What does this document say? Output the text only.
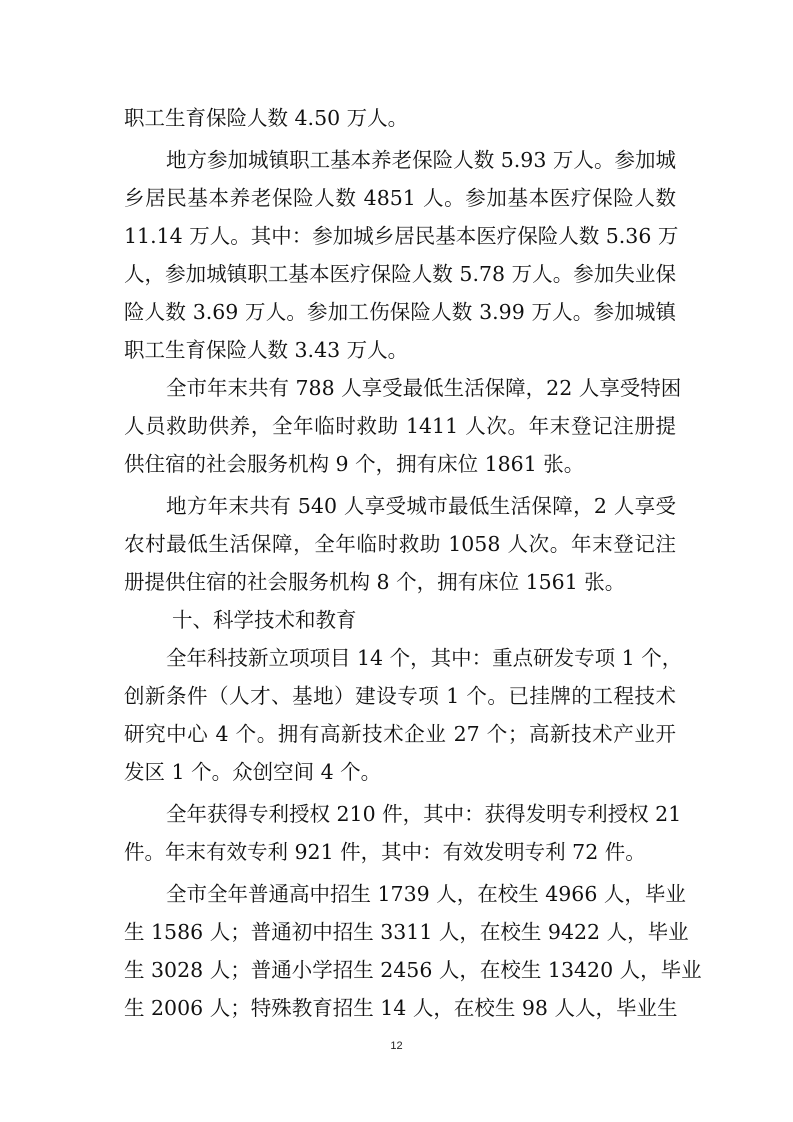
职工生育保险人数 4.50 万人。
地方参加城镇职工基本养老保险人数 5.93 万人。参加城
乡居民基本养老保险人数 4851 人。参加基本医疗保险人数
11.14 万人。其中：参加城乡居民基本医疗保险人数 5.36 万
人，参加城镇职工基本医疗保险人数 5.78 万人。参加失业保
险人数 3.69 万人。参加工伤保险人数 3.99 万人。参加城镇
职工生育保险人数 3.43 万人。
全市年末共有 788 人享受最低生活保障，22 人享受特困
人员救助供养，全年临时救助 1411 人次。年末登记注册提
供住宿的社会服务机构 9 个，拥有床位 1861 张。
地方年末共有 540 人享受城市最低生活保障，2 人享受
农村最低生活保障，全年临时救助 1058 人次。年末登记注
册提供住宿的社会服务机构 8 个，拥有床位 1561 张。
十、科学技术和教育
全年科技新立项项目 14 个，其中：重点研发专项 1 个，
创新条件（人才、基地）建设专项 1 个。已挂牌的工程技术
研究中心 4 个。拥有高新技术企业 27 个；高新技术产业开
发区 1 个。众创空间 4 个。
全年获得专利授权 210 件，其中：获得发明专利授权 21
件。年末有效专利 921 件，其中：有效发明专利 72 件。
全市全年普通高中招生 1739 人，在校生 4966 人，毕业
生 1586 人；普通初中招生 3311 人，在校生 9422 人，毕业
生 3028 人；普通小学招生 2456 人，在校生 13420 人，毕业
生 2006 人；特殊教育招生 14 人，在校生 98 人人，毕业生
12
